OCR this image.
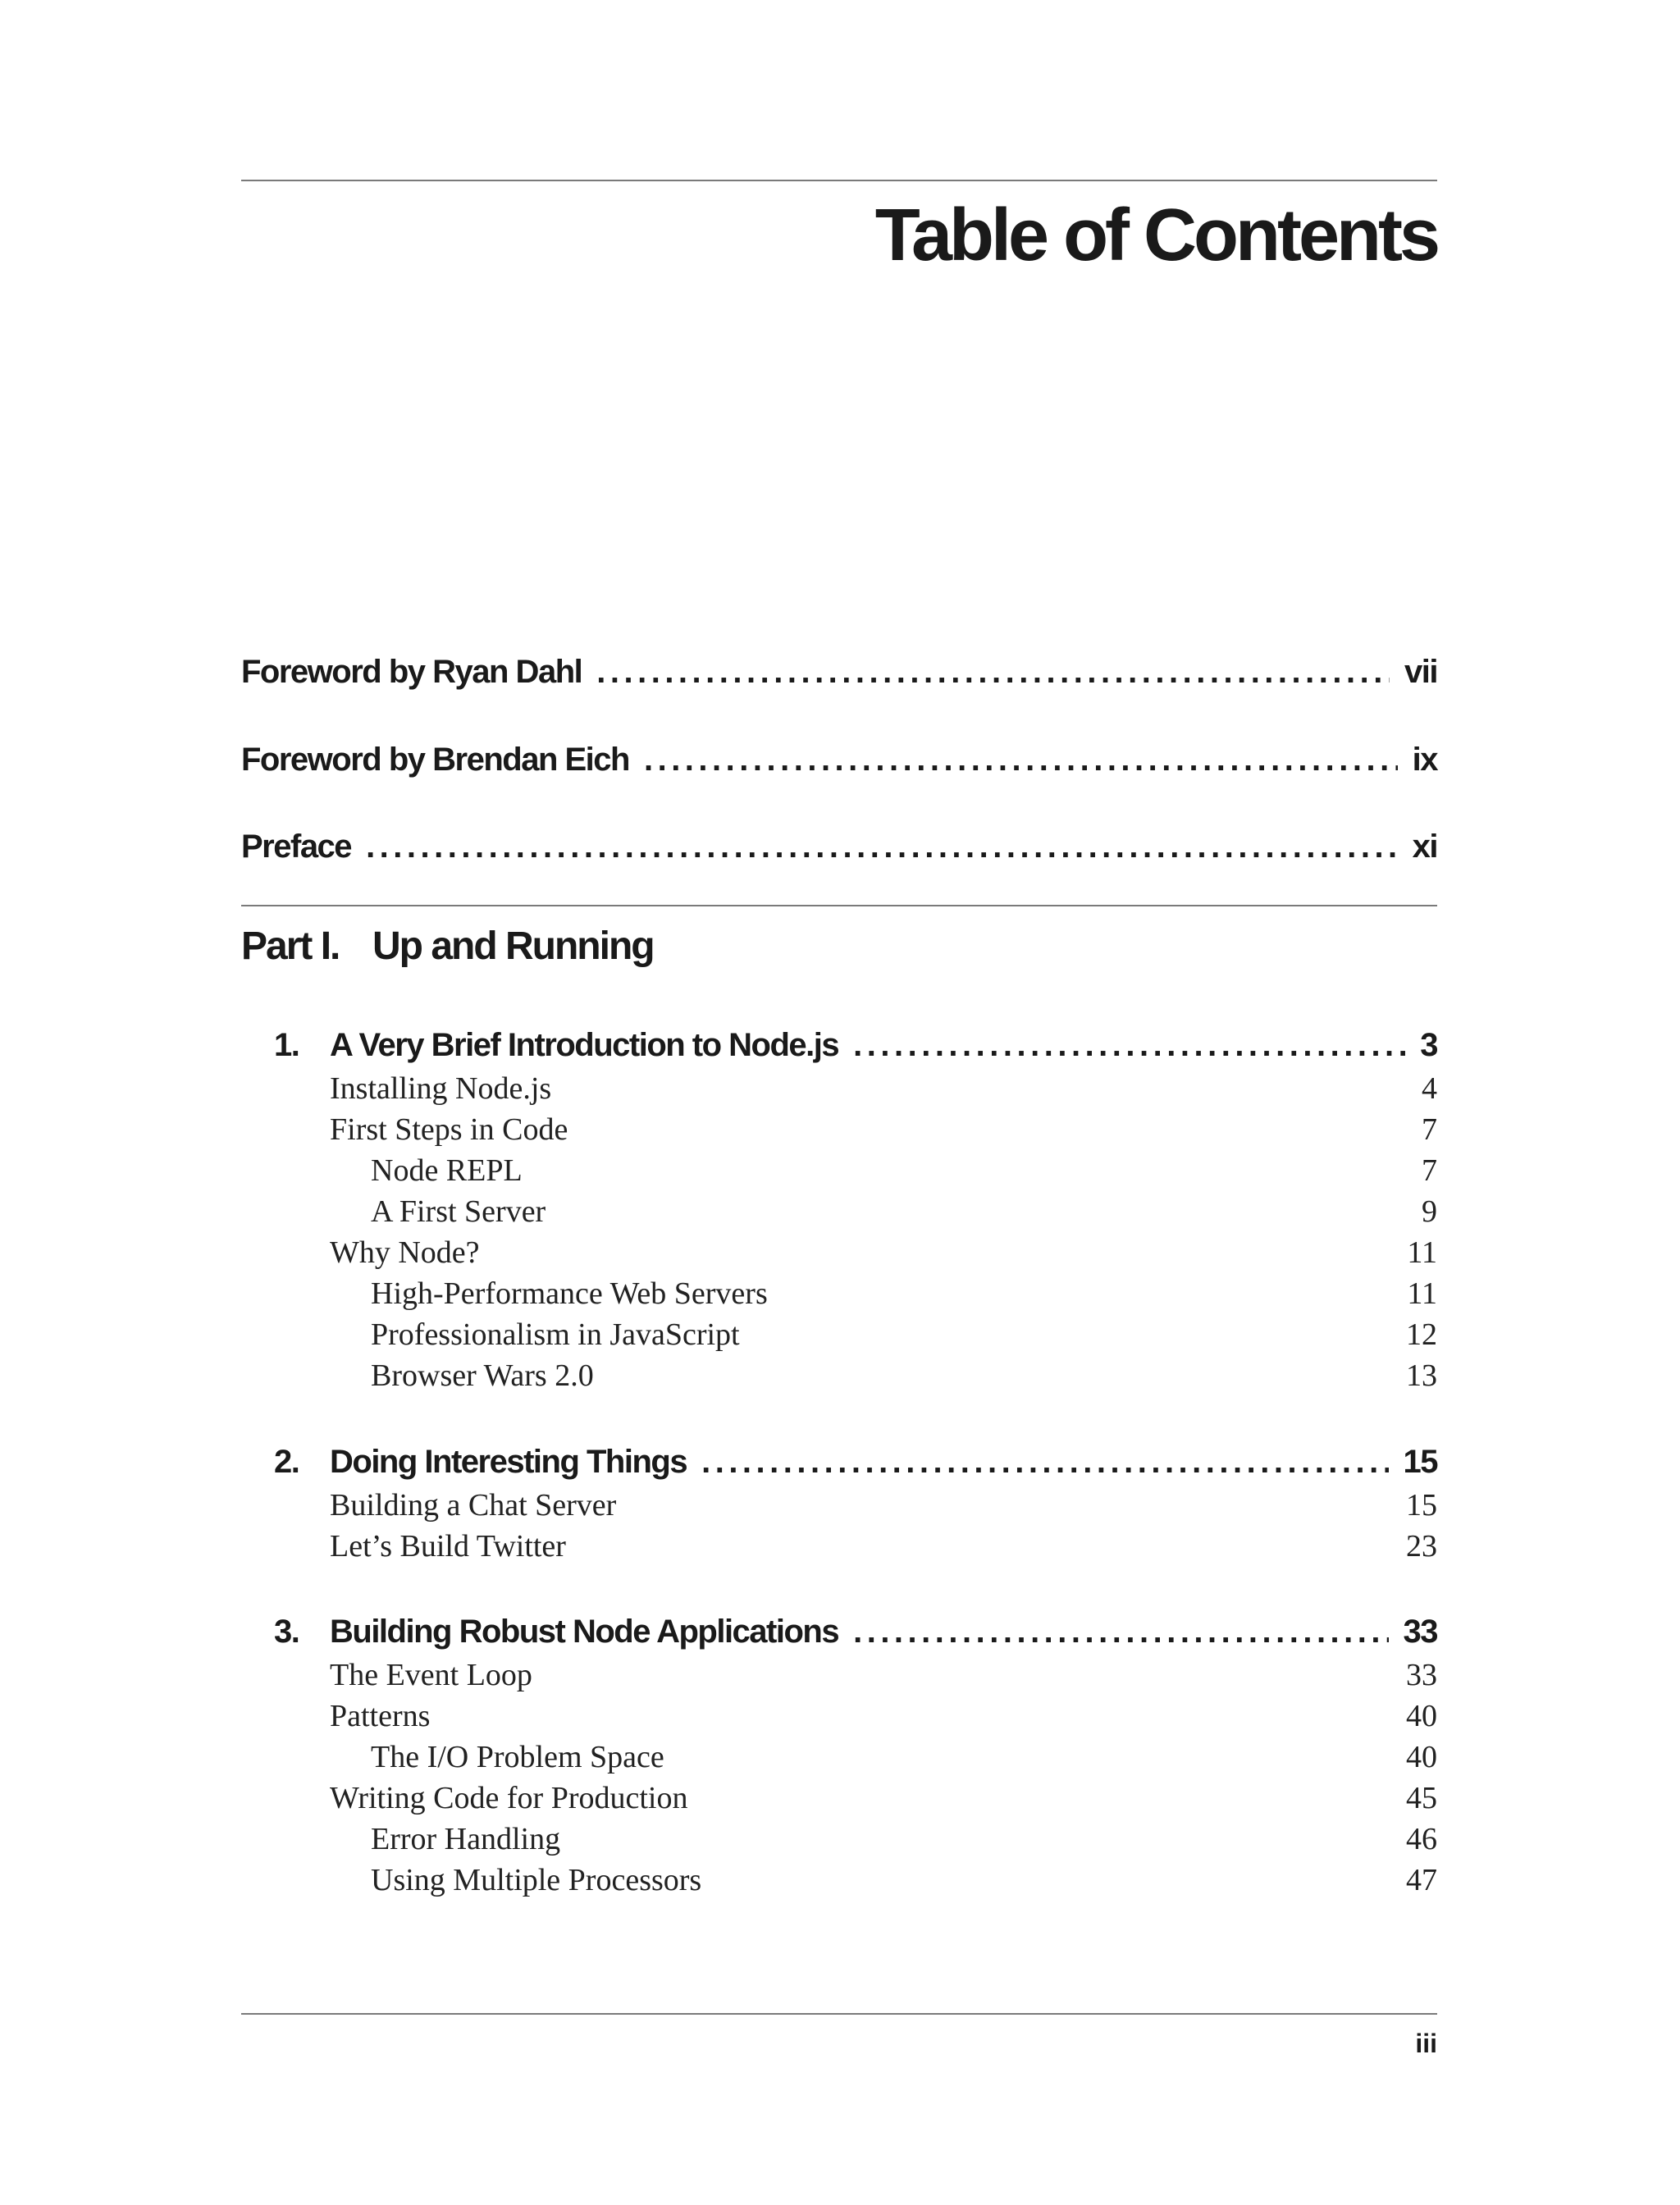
Table of Contents
Foreword by Ryan Dahl .....	vii
Foreword by Brendan Eich .....	ix
Preface .....	xi
Part I. Up and Running
1. A Very Brief Introduction to Node.js .....	3
Installing Node.js	4
First Steps in Code	7
Node REPL	7
A First Server	9
Why Node?	11
High-Performance Web Servers	11
Professionalism in JavaScript	12
Browser Wars 2.0	13
2. Doing Interesting Things .....	15
Building a Chat Server	15
Let’s Build Twitter	23
3. Building Robust Node Applications .....	33
The Event Loop	33
Patterns	40
The I/O Problem Space	40
Writing Code for Production	45
Error Handling	46
Using Multiple Processors	47
iii
